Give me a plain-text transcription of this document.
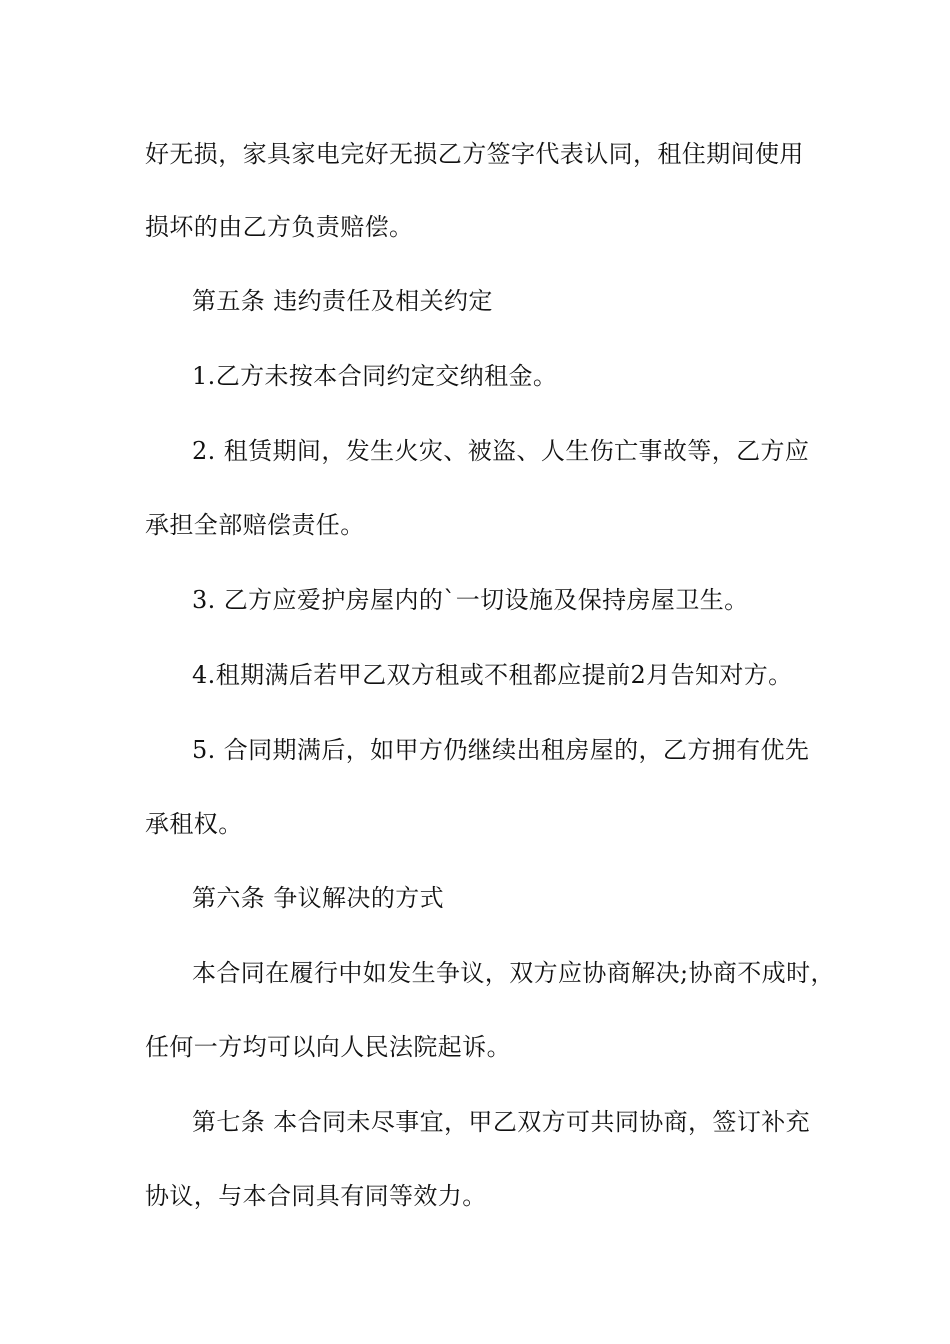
好无损，家具家电完好无损乙方签字代表认同，租住期间使用
损坏的由乙方负责赔偿。
第五条 违约责任及相关约定
1.乙方未按本合同约定交纳租金。
2. 租赁期间，发生火灾、被盗、人生伤亡事故等，乙方应
承担全部赔偿责任。
3. 乙方应爱护房屋内的`一切设施及保持房屋卫生。
4.租期满后若甲乙双方租或不租都应提前2月告知对方。
5. 合同期满后，如甲方仍继续出租房屋的，乙方拥有优先
承租权。
第六条 争议解决的方式
本合同在履行中如发生争议，双方应协商解决;协商不成时，
任何一方均可以向人民法院起诉。
第七条 本合同未尽事宜，甲乙双方可共同协商，签订补充
协议，与本合同具有同等效力。
